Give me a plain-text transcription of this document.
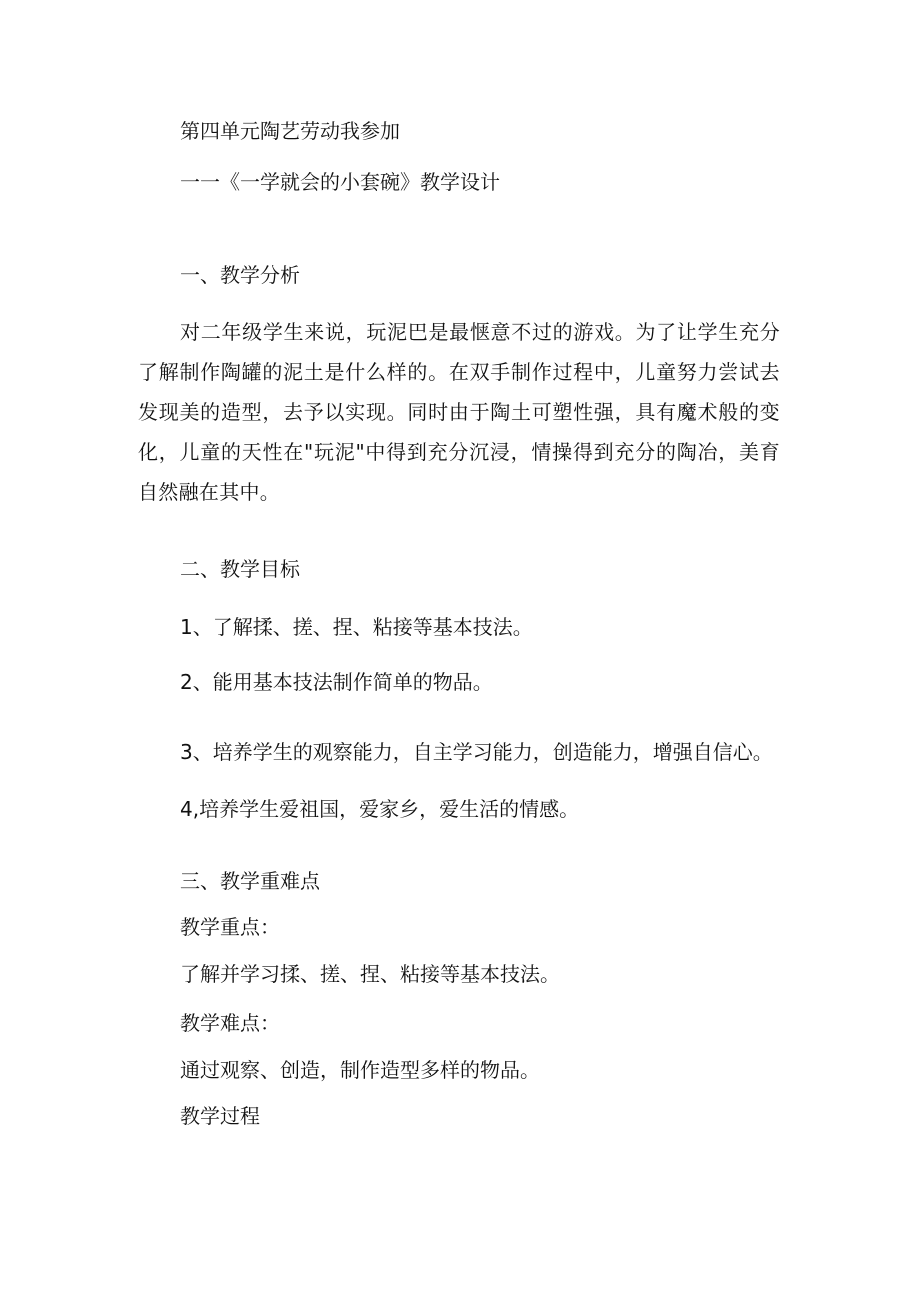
第四单元陶艺劳动我参加
一一《一学就会的小套碗》教学设计
一、教学分析
对二年级学生来说，玩泥巴是最惬意不过的游戏。为了让学生充分了解制作陶罐的泥土是什么样的。在双手制作过程中，儿童努力尝试去发现美的造型，去予以实现。同时由于陶土可塑性强，具有魔术般的变化，儿童的天性在"玩泥"中得到充分沉浸，情操得到充分的陶冶，美育自然融在其中。
二、教学目标
1、了解揉、搓、捏、粘接等基本技法。
2、能用基本技法制作简单的物品。
3、培养学生的观察能力，自主学习能力，创造能力，增强自信心。
4,培养学生爱祖国，爱家乡，爱生活的情感。
三、教学重难点
教学重点：
了解并学习揉、搓、捏、粘接等基本技法。
教学难点：
通过观察、创造，制作造型多样的物品。
教学过程
